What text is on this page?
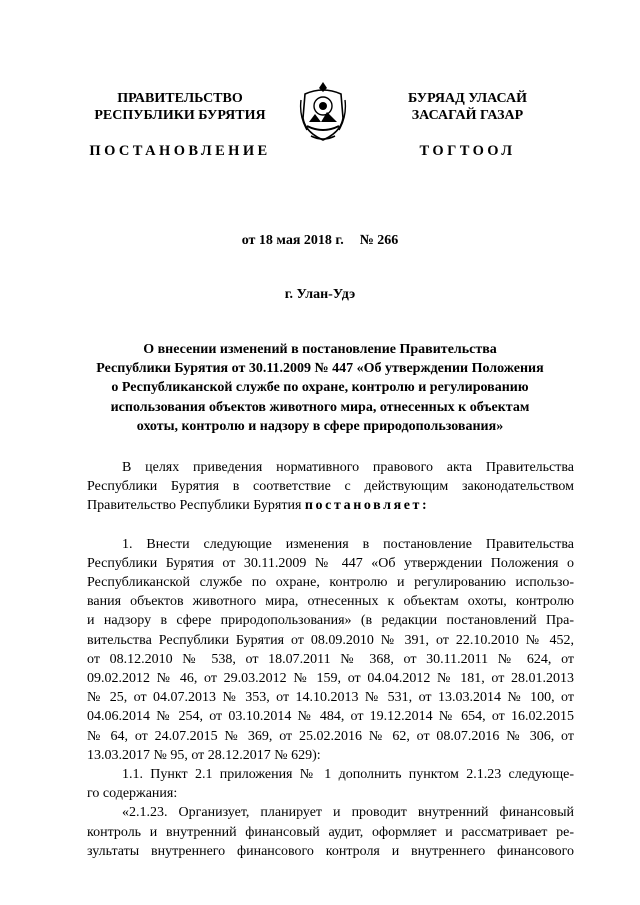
ПРАВИТЕЛЬСТВО
РЕСПУБЛИКИ БУРЯТИЯ
БУРЯАД УЛАСАЙ
ЗАСАГАЙ ГАЗАР
ПОСТАНОВЛЕНИЕ	ТОГТООЛ
от 18 мая 2018 г. № 266
г. Улан-Удэ
О внесении изменений в постановление Правительства
Республики Бурятия от 30.11.2009 № 447 «Об утверждении Положения
о Республиканской службе по охране, контролю и регулированию
использования объектов животного мира, отнесенных к объектам
охоты, контролю и надзору в сфере природопользования»
В целях приведения нормативного правового акта Правительства
Республики Бурятия в соответствие с действующим законодательством
Правительство Республики Бурятия постановляет:
1. Внести следующие изменения в постановление Правительства
Республики Бурятия от 30.11.2009 № 447 «Об утверждении Положения о
Республиканской службе по охране, контролю и регулированию использо-
вания объектов животного мира, отнесенных к объектам охоты, контролю
и надзору в сфере природопользования» (в редакции постановлений Пра-
вительства Республики Бурятия от 08.09.2010 № 391, от 22.10.2010 № 452,
от 08.12.2010 № 538, от 18.07.2011 № 368, от 30.11.2011 № 624, от
09.02.2012 № 46, от 29.03.2012 № 159, от 04.04.2012 № 181, от 28.01.2013
№ 25, от 04.07.2013 № 353, от 14.10.2013 № 531, от 13.03.2014 № 100, от
04.06.2014 № 254, от 03.10.2014 № 484, от 19.12.2014 № 654, от 16.02.2015
№ 64, от 24.07.2015 № 369, от 25.02.2016 № 62, от 08.07.2016 № 306, от
13.03.2017 № 95, от 28.12.2017 № 629):
1.1. Пункт 2.1 приложения № 1 дополнить пунктом 2.1.23 следующе-
го содержания:
«2.1.23. Организует, планирует и проводит внутренний финансовый
контроль и внутренний финансовый аудит, оформляет и рассматривает ре-
зультаты внутреннего финансового контроля и внутреннего финансового
